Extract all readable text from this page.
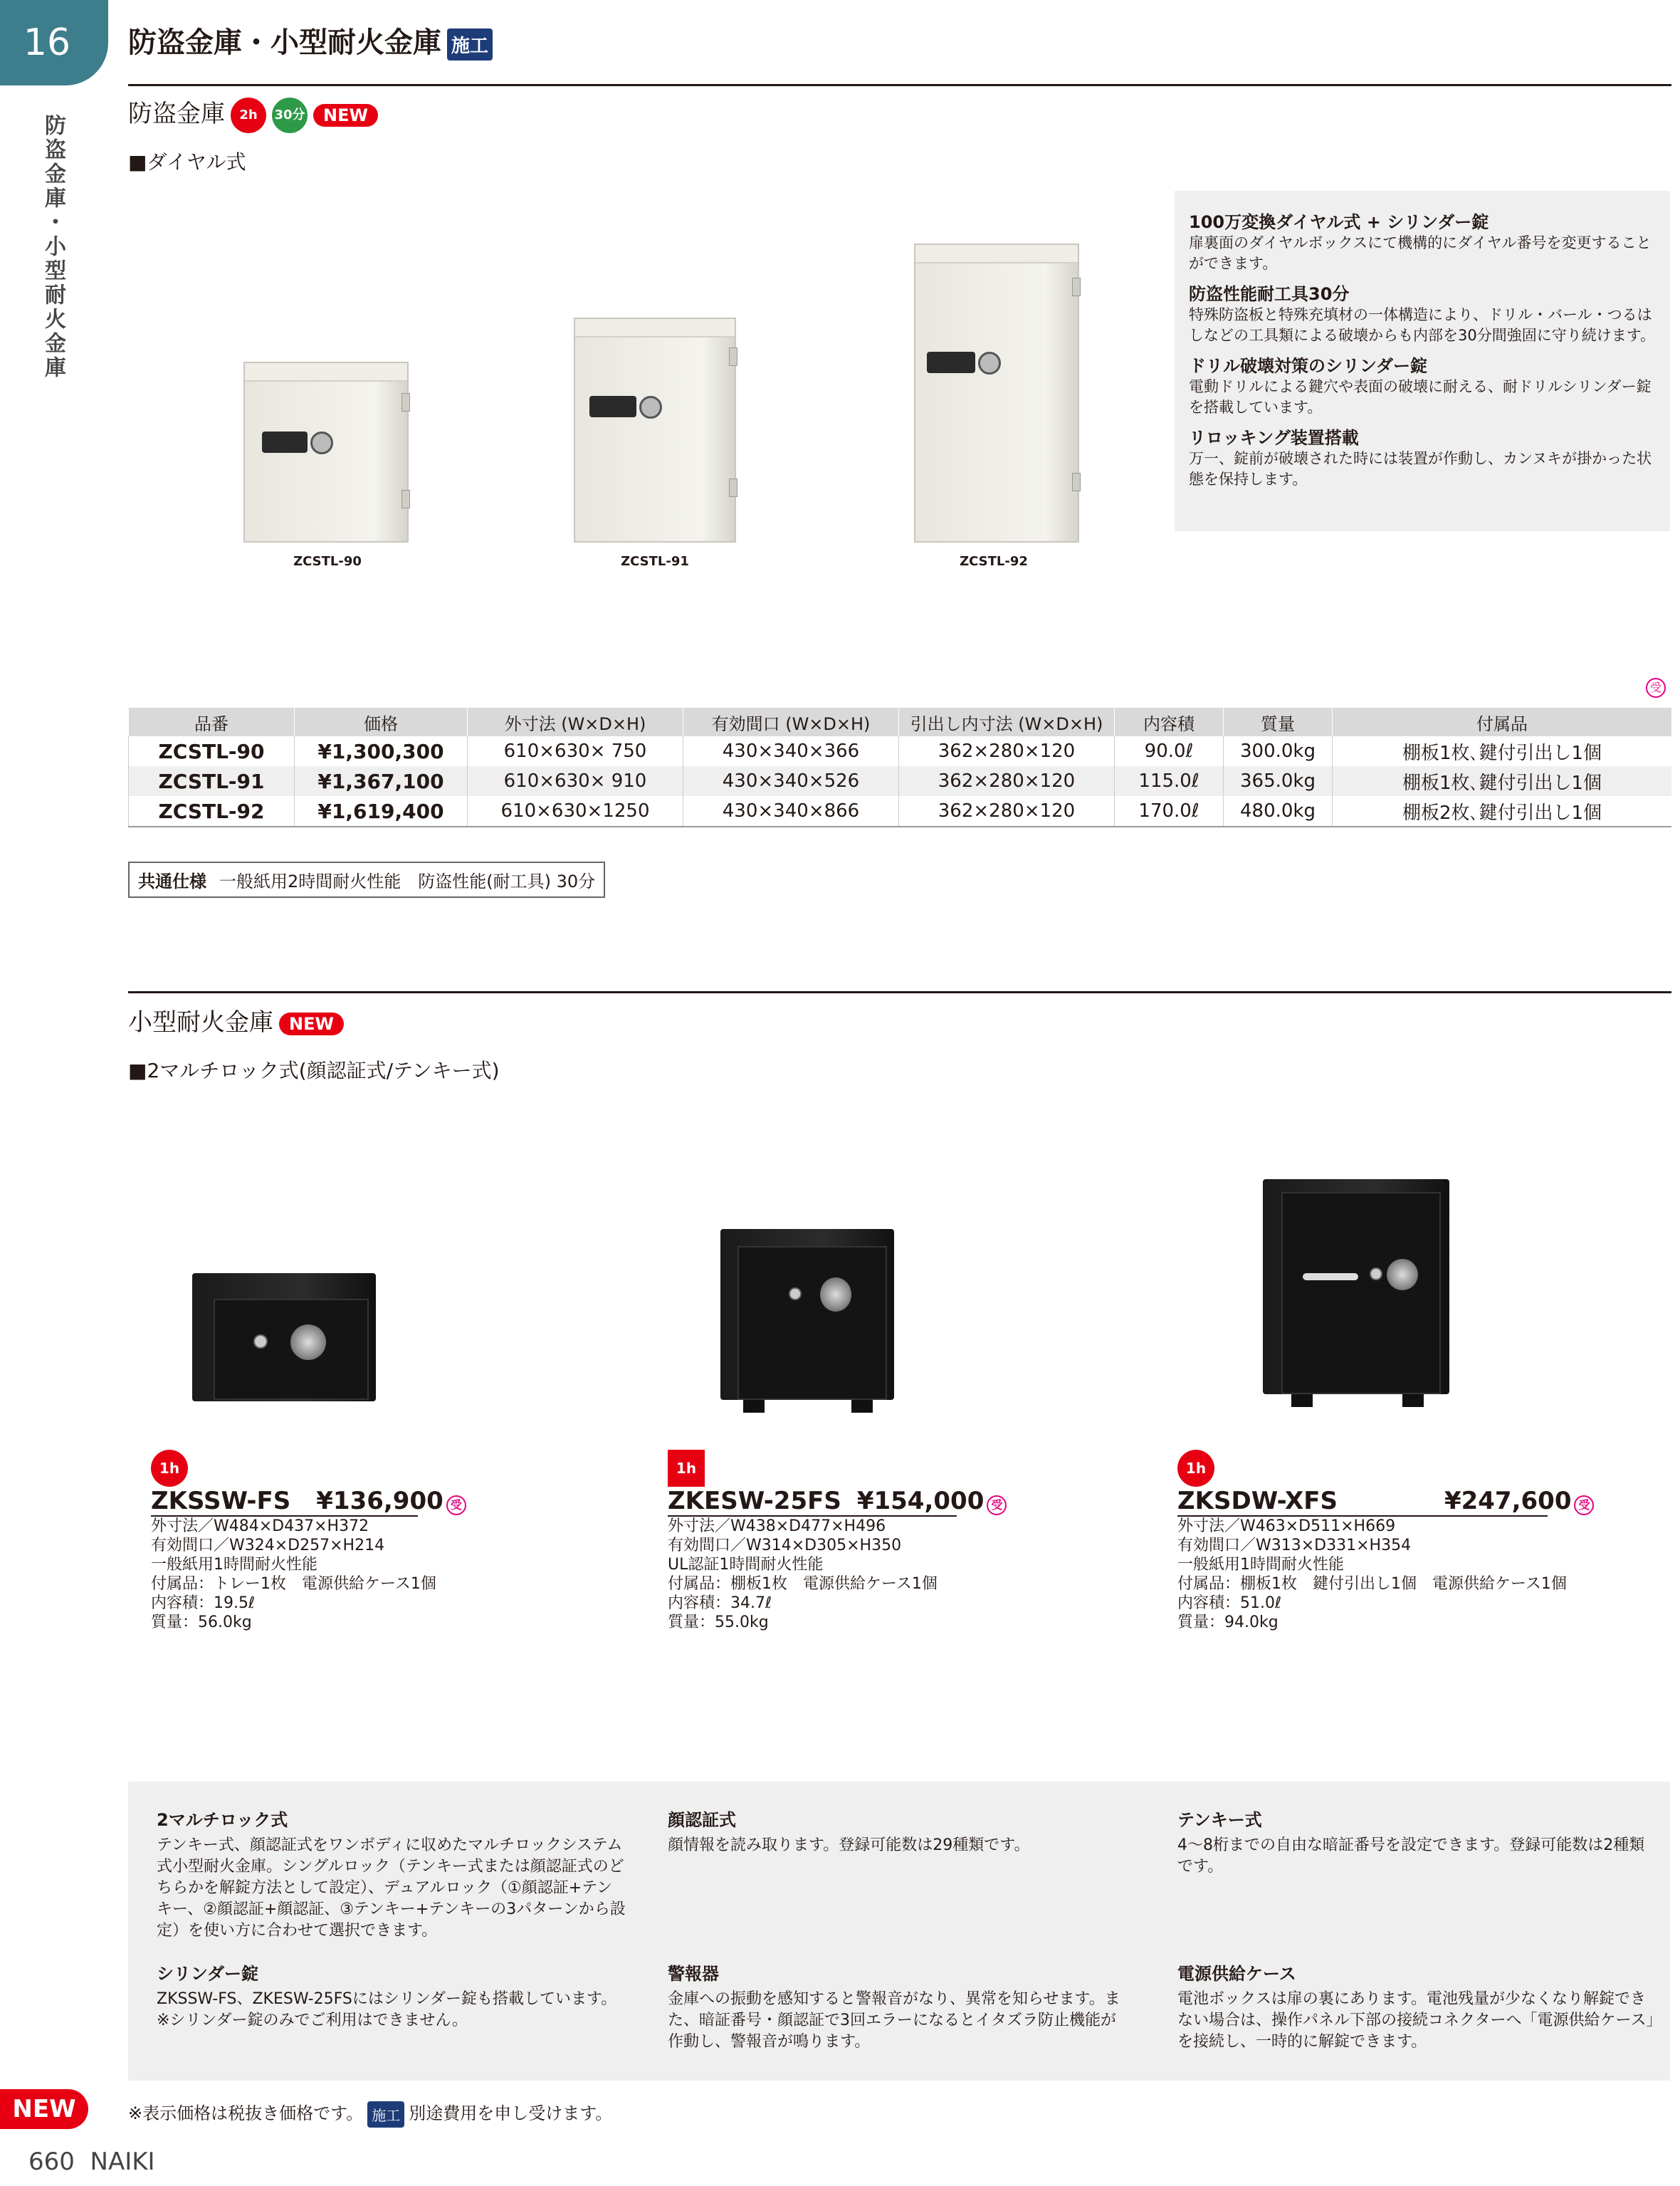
16
防盗金庫・小型耐火金庫
防盗金庫・小型耐火金庫 施工
防盗金庫 2h 30分 NEW
■ダイヤル式
ZCSTL-90	ZCSTL-91	ZCSTL-92
100万変換ダイヤル式 + シリンダー錠
扉裏面のダイヤルボックスにて機構的にダイヤル番号を変更することができます。
防盗性能耐工具30分
特殊防盗板と特殊充填材の一体構造により、ドリル・バール・つるはしなどの工具類による破壊からも内部を30分間強固に守り続けます。
ドリル破壊対策のシリンダー錠
電動ドリルによる鍵穴や表面の破壊に耐える、耐ドリルシリンダー錠を搭載しています。
リロッキング装置搭載
万一、錠前が破壊された時には装置が作動し、カンヌキが掛かった状態を保持します。
受
品番	価格	外寸法 (W×D×H)	有効間口 (W×D×H)	引出し内寸法 (W×D×H)	内容積	質量	付属品
ZCSTL-90	¥1,300,300	610×630× 750	430×340×366	362×280×120	90.0ℓ	300.0kg	棚板1枚､鍵付引出し1個
ZCSTL-91	¥1,367,100	610×630× 910	430×340×526	362×280×120	115.0ℓ	365.0kg	棚板1枚､鍵付引出し1個
ZCSTL-92	¥1,619,400	610×630×1250	430×340×866	362×280×120	170.0ℓ	480.0kg	棚板2枚､鍵付引出し1個
共通仕様 一般紙用2時間耐火性能　防盗性能(耐工具) 30分
小型耐火金庫 NEW
■2マルチロック式(顔認証式/テンキー式)
1h
ZKSSW-FS ¥136,900 受
外寸法／W484×D437×H372
有効間口／W324×D257×H214
一般紙用1時間耐火性能
付属品：トレー1枚　電源供給ケース1個
内容積：19.5ℓ
質量：56.0kg
1h
ZKESW-25FS ¥154,000 受
外寸法／W438×D477×H496
有効間口／W314×D305×H350
UL認証1時間耐火性能
付属品：棚板1枚　電源供給ケース1個
内容積：34.7ℓ
質量：55.0kg
1h
ZKSDW-XFS	¥247,600 受
外寸法／W463×D511×H669
有効間口／W313×D331×H354
一般紙用1時間耐火性能
付属品：棚板1枚　鍵付引出し1個　電源供給ケース1個
内容積：51.0ℓ
質量：94.0kg
2マルチロック式
テンキー式、顔認証式をワンボディに収めたマルチロックシステム式小型耐火金庫。シングルロック（テンキー式または顔認証式のどちらかを解錠方法として設定）、デュアルロック（①顔認証+テンキー、②顔認証+顔認証、③テンキー+テンキーの3パターンから設定）を使い方に合わせて選択できます。
顔認証式
顔情報を読み取ります。登録可能数は29種類です。
テンキー式
4～8桁までの自由な暗証番号を設定できます。登録可能数は2種類です。
シリンダー錠
ZKSSW-FS、ZKESW-25FSにはシリンダー錠も搭載しています。※シリンダー錠のみでご利用はできません。
警報器
金庫への振動を感知すると警報音がなり、異常を知らせます。また、暗証番号・顔認証で3回エラーになるとイタズラ防止機能が作動し、警報音が鳴ります。
電源供給ケース
電池ボックスは扉の裏にあります。電池残量が少なくなり解錠できない場合は、操作パネル下部の接続コネクターへ「電源供給ケース」を接続し、一時的に解錠できます。
NEW	※表示価格は税抜き価格です。 施工 別途費用を申し受けます。
660 NAIKI
